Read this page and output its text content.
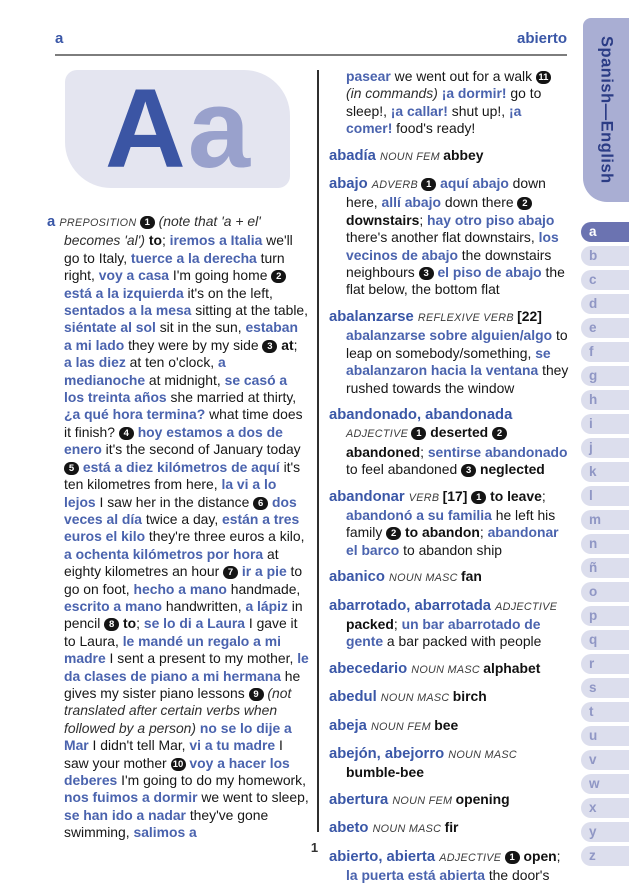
a	abierto
A a

a PREPOSITION 1 (note that 'a + el' becomes 'al') to; iremos a Italia we'll go to Italy, tuerce a la derecha turn right, voy a casa I'm going home 2 está a la izquierda it's on the left, sentados a la mesa sitting at the table, siéntate al sol sit in the sun, estaban a mi lado they were by my side 3 at; a las diez at ten o'clock, a medianoche at midnight, se casó a los treinta años she married at thirty, ¿a qué hora termina? what time does it finish? 4 hoy estamos a dos de enero it's the second of January today 5 está a diez kilómetros de aquí it's ten kilometres from here, la vi a lo lejos I saw her in the distance 6 dos veces al día twice a day, están a tres euros el kilo they're three euros a kilo, a ochenta kilómetros por hora at eighty kilometres an hour 7 ir a pie to go on foot, hecho a mano handmade, escrito a mano handwritten, a lápiz in pencil 8 to; se lo di a Laura I gave it to Laura, le mandé un regalo a mi madre I sent a present to my mother, le da clases de piano a mi hermana he gives my sister piano lessons 9 (not translated after certain verbs when followed by a person) no se lo dije a Mar I didn't tell Mar, vi a tu madre I saw your mother 10 voy a hacer los deberes I'm going to do my homework, nos fuimos a dormir we went to sleep, se han ido a nadar they've gone swimming, salimos a

pasear we went out for a walk 11 (in commands) ¡a dormir! go to sleep!, ¡a callar! shut up!, ¡a comer! food's ready!

abadía NOUN FEM abbey

abajo ADVERB 1 aquí abajo down here, allí abajo down there 2 downstairs; hay otro piso abajo there's another flat downstairs, los vecinos de abajo the downstairs neighbours 3 el piso de abajo the flat below, the bottom flat

abalanzarse REFLEXIVE VERB [22] abalanzarse sobre alguien/algo to leap on somebody/something, se abalanzaron hacia la ventana they rushed towards the window

abandonado, abandonada ADJECTIVE 1 deserted 2 abandoned; sentirse abandonado to feel abandoned 3 neglected

abandonar VERB [17] 1 to leave; abandonó a su familia he left his family 2 to abandon; abandonar el barco to abandon ship

abanico NOUN MASC fan

abarrotado, abarrotada ADJECTIVE packed; un bar abarrotado de gente a bar packed with people

abecedario NOUN MASC alphabet

abedul NOUN MASC birch

abeja NOUN FEM bee

abejón, abejorro NOUN MASC bumble-bee

abertura NOUN FEM opening

abeto NOUN MASC fir

abierto, abierta ADJECTIVE 1 open; la puerta está abierta the door's

Spanish—English
a
b
c
d
e
f
g
h
i
j
k
l
m
n
ñ
o
p
q
r
s
t
u
v
w
x
y
z
1
